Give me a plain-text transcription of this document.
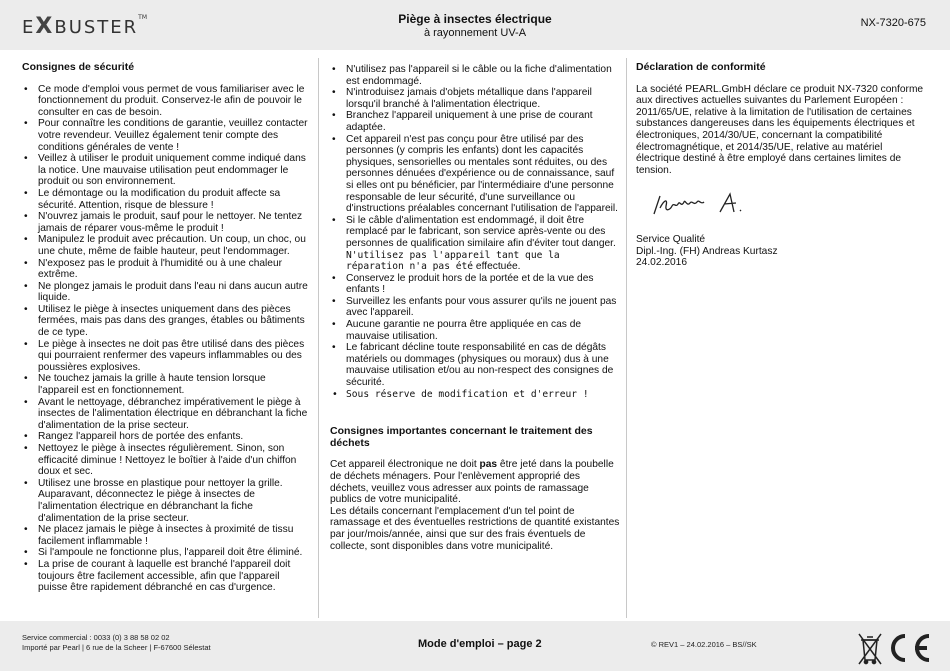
EXBUSTER™	Piège à insectes électrique
à rayonnement UV-A
NX-7320-675
Consignes de sécurité
• Ce mode d'emploi vous permet de vous familiariser avec le fonctionnement du produit. Conservez-le afin de pouvoir le consulter en cas de besoin.
• Pour connaître les conditions de garantie, veuillez contacter votre revendeur. Veuillez également tenir compte des conditions générales de vente !
• Veillez à utiliser le produit uniquement comme indiqué dans la notice. Une mauvaise utilisation peut endommager le produit ou son environnement.
• Le démontage ou la modification du produit affecte sa sécurité. Attention, risque de blessure !
• N'ouvrez jamais le produit, sauf pour le nettoyer. Ne tentez jamais de réparer vous-même le produit !
• Manipulez le produit avec précaution. Un coup, un choc, ou une chute, même de faible hauteur, peut l'endommager.
• N'exposez pas le produit à l'humidité ou à une chaleur extrême.
• Ne plongez jamais le produit dans l'eau ni dans aucun autre liquide.
• Utilisez le piège à insectes uniquement dans des pièces fermées, mais pas dans des granges, étables ou bâtiments de ce type.
• Le piège à insectes ne doit pas être utilisé dans des pièces qui pourraient renfermer des vapeurs inflammables ou des poussières explosives.
• Ne touchez jamais la grille à haute tension lorsque l'appareil est en fonctionnement.
• Avant le nettoyage, débranchez impérativement le piège à insectes de l'alimentation électrique en débranchant la fiche d'alimentation de la prise secteur.
• Rangez l'appareil hors de portée des enfants.
• Nettoyez le piège à insectes régulièrement. Sinon, son efficacité diminue ! Nettoyez le boîtier à l'aide d'un chiffon doux et sec.
• Utilisez une brosse en plastique pour nettoyer la grille. Auparavant, déconnectez le piège à insectes de l'alimentation électrique en débranchant la fiche d'alimentation de la prise secteur.
• Ne placez jamais le piège à insectes à proximité de tissu facilement inflammable !
• Si l'ampoule ne fonctionne plus, l'appareil doit être éliminé.
• La prise de courant à laquelle est branché l'appareil doit toujours être facilement accessible, afin que l'appareil puisse être rapidement débranché en cas d'urgence.
• N'utilisez pas l'appareil si le câble ou la fiche d'alimentation est endommagé.
• N'introduisez jamais d'objets métallique dans l'appareil lorsqu'il branché à l'alimentation électrique.
• Branchez l'appareil uniquement à une prise de courant adaptée.
• Cet appareil n'est pas conçu pour être utilisé par des personnes (y compris les enfants) dont les capacités physiques, sensorielles ou mentales sont réduites, ou des personnes dénuées d'expérience ou de connaissance, sauf si elles ont pu bénéficier, par l'intermédiaire d'une personne responsable de leur sécurité, d'une surveillance ou d'instructions préalables concernant l'utilisation de l'appareil.
• Si le câble d'alimentation est endommagé, il doit être remplacé par le fabricant, son service après-vente ou des personnes de qualification similaire afin d'éviter tout danger. N'utilisez pas l'appareil tant que la réparation n'a pas été effectuée.
• Conservez le produit hors de la portée et de la vue des enfants !
• Surveillez les enfants pour vous assurer qu'ils ne jouent pas avec l'appareil.
• Aucune garantie ne pourra être appliquée en cas de mauvaise utilisation.
• Le fabricant décline toute responsabilité en cas de dégâts matériels ou dommages (physiques ou moraux) dus à une mauvaise utilisation et/ou au non-respect des consignes de sécurité.
• Sous réserve de modification et d'erreur !
Consignes importantes concernant le traitement des déchets

Cet appareil électronique ne doit pas être jeté dans la poubelle de déchets ménagers. Pour l'enlèvement approprié des déchets, veuillez vous adresser aux points de ramassage publics de votre municipalité.

Les détails concernant l'emplacement d'un tel point de ramassage et des éventuelles restrictions de quantité existantes par jour/mois/année, ainsi que sur des frais éventuels de collecte, sont disponibles dans votre municipalité.

Déclaration de conformité

La société PEARL.GmbH déclare ce produit NX-7320 conforme aux directives actuelles suivantes du Parlement Européen : 2011/65/UE, relative à la limitation de l'utilisation de certaines substances dangereuses dans les équipements électriques et électroniques, 2014/30/UE, concernant la compatibilité électromagnétique, et 2014/35/UE, relative au matériel électrique destiné à être employé dans certaines limites de tension.

Service Qualité

Dipl.-Ing. (FH) Andreas Kurtasz

24.02.2016

Service commercial : 0033 (0) 3 88 58 02 02
Importé par Pearl | 6 rue de la Scheer | F-67600 Sélestat	Mode d'emploi – page 2	© REV1 – 24.02.2016 – BS//SK
